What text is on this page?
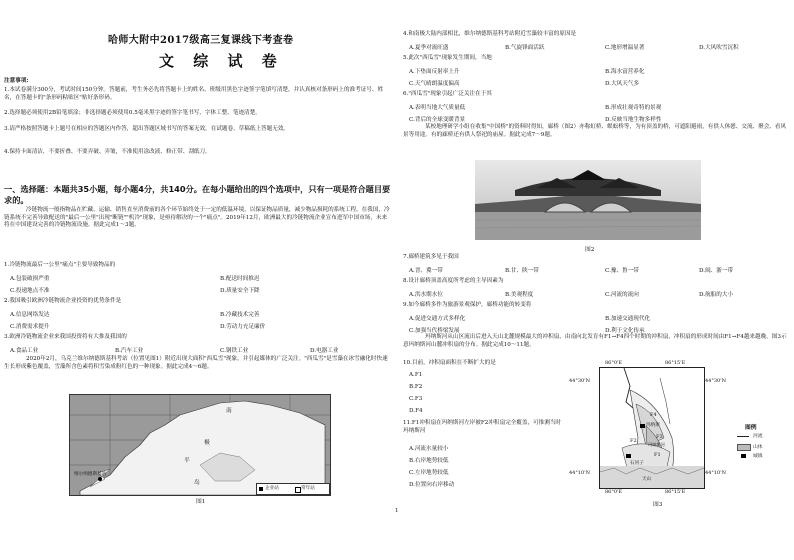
哈师大附中2017级高三复课线下考查卷
文 综 试 卷
注意事项:
1.本试卷满分300分，考试时间150分钟。答题前，考生务必先将答题卡上的姓名、班级用黑色字迹签字笔填写清楚，并认真核对条形码上的准考证号、姓名，在答题卡的"条形码粘贴区"贴好条形码。
2.选择题必须使用2B铅笔填涂；非选择题必须使用0.5毫米黑字迹的签字笔书写，字体工整、笔迹清楚。
3.请严格按照答题卡上题号在相应的答题区内作答，超出答题区域书写的答案无效，在试题卷、草稿纸上答题无效。
4.保持卡面清洁，不要折叠、不要弄破、弄皱，不准使用涂改液、修正带、刮纸刀。
一、选择题：本题共35小题，每小题4分，共140分。在每小题给出的四个选项中，只有一项是符合题目要求的。
冷链物流一般指物品在贮藏、运输、销售直至消费前的各个环节始终处于一定的低温环境，以保证物品质量，减少物品损耗的系统工程。在我国，冷链系统不完善导致配送的"最后一公里"出现"断链""机冷"现象，是亟待解决的一个"痛点"。2019年12月，欧洲最大的冷链物流企业宣布进军中国市场，未来将在中国建设完善的冷链物流设施。据此完成1～3题。
1.冷链物流最后一公里"痛点"主要导致物品的
A.包装破损严重	B.配送时间推迟
C.投递地点不准	D.质量安全下降
2.我国吸引欧洲冷链物流企业投资的优势条件是
A.信息网络发达	B.冷藏技术完善
C.消费需求提升	D.劳动力充足廉价
3.欧洲冷链物流企业来我国投资将有大推及我国的
A.食品工业	B.汽车工业	C.钢铁工业	D.电器工业
2020年2月，乌克兰维尔纳德斯基科考站（位置见图1）附近出现大面积"西瓜雪"现象，并引起媒体的广泛关注。"西瓜雪"是雪藻在冰雪融化时快速生长形成紫色覆盖，雪藻所含色素将积雪染成粉红色的一种现象。据此完成4～6题。
南
极
半
岛
维尔纳德斯基站
企业站	常年站
图1
4.和南极大陆内部相比，维尔纳德斯基科考站附近雪藻较丰富的原因是
A.夏季对流旺盛	B.气旋锋面活跃	C.地形增温显著	D.大风吹雪沉积
5.此次"西瓜雪"现象发生期间，当地
A.下垫面反射率上升	B.海水富营养化
C.天气晴朗温度偏高	D.大风天气多
6."西瓜雪"现象引起广泛关注在于其
A.表明当地大气质量低	B.形成壮观奇特的景观
C.背后的全球变暖背景	D.反映当地生物多样性
某校地理研学小组在收集"中国桥"的资料时得知，廊桥（图2）亦称虹桥、蜈蚣桥等，为有顶盖的桥，可遮阳避雨，有供人休憩、交流、聚会、看风景等用途。有的廊桥还有供人祭祀的庙屋。据此完成7～9题。
图2
7.廊桥建筑多见于我国
A.晋、冀一带	B.甘、陕一带	C.豫、鲁一带	D.闽、浙一带
8.设计廊桥顶盖高度所考虑的主导因素为
A.洪水期水位	B.美观程度	C.河流的流向	D.航船的大小
9.如今廊桥多作为旅游景观保护，廊桥功能的转变将
A.促进交通方式多样化	B.加速交通现代化
C.加强当代桥梁发展	D.利于文化传承
玛纳斯河从山区流出后进入天山北麓规模最大的冲积扇，由南向北发育有F1→F4四个时期的冲积扇，冲积扇的形成时间由F1→F4越来越晚。图3示意玛纳斯河山麓冲积扇的分布。据此完成10～11题。
10.目前，冲积扇面积在不断扩大的是
A.F1
B.F2
C.F3
D.F4
11.F1冲积扇在玛纳斯河左岸被F2冲积扇完全覆盖，可推测当时玛纳斯河
A.河流水量较小
B.右岸地势较低
C.左岸地势较低
D.位置向右岸移动
86°0'E	86°15'E
44°30'N	44°30'N
44°10'N	44°10'N
86°0'E	86°15'E
F4
F3
F2
F1
玛纳斯
玛纳斯河
石河子
天山
图例
河流
山体
城镇
图3
1
